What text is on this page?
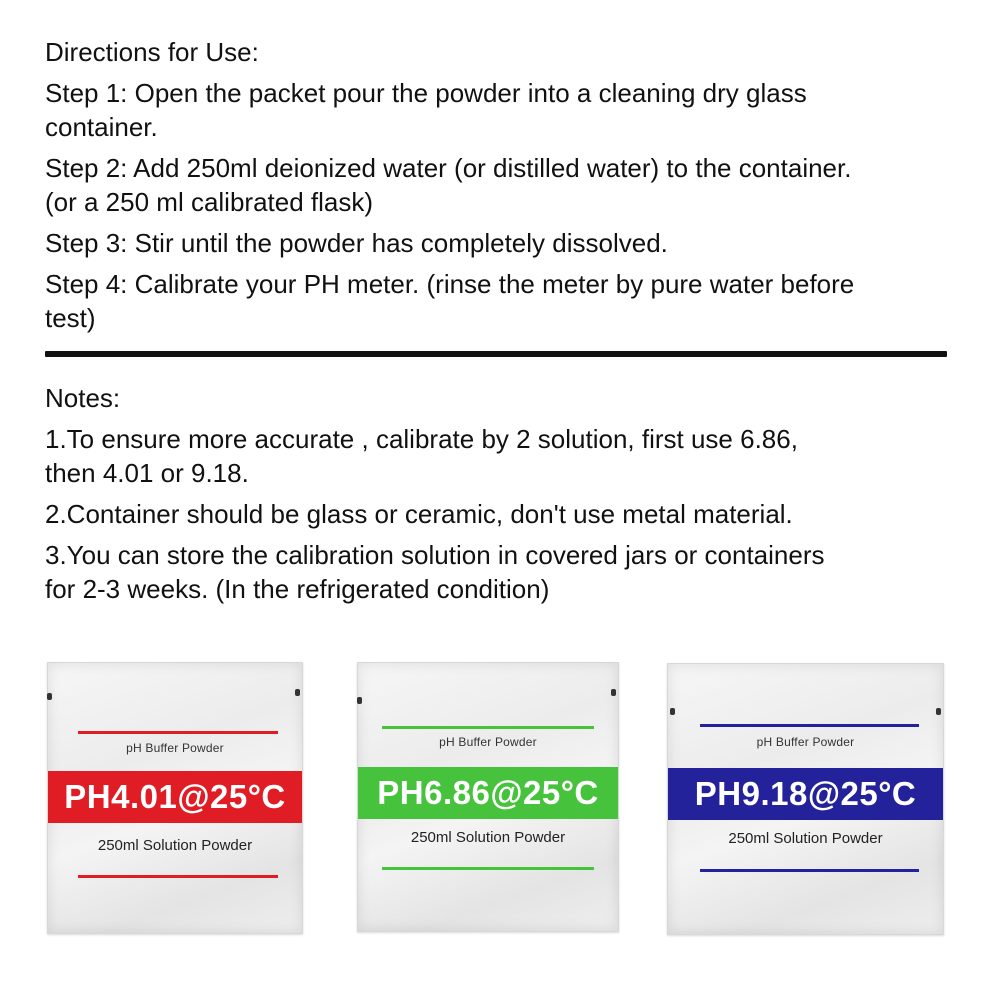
Directions for Use:
Step 1: Open the packet pour the powder into a cleaning dry glass
container.
Step 2: Add 250ml deionized water (or distilled water) to the container.
(or a 250 ml calibrated flask)
Step 3: Stir until the powder has completely dissolved.
Step 4: Calibrate your PH meter. (rinse the meter by pure water before
test)
Notes:
1.To ensure more accurate , calibrate by 2 solution, first use 6.86,
then 4.01 or 9.18.
2.Container should be glass or ceramic, don't use metal material.
3.You can store the calibration solution in covered jars or containers
for 2-3 weeks. (In the refrigerated condition)
pH Buffer Powder
PH4.01@25°C
250ml Solution Powder
pH Buffer Powder
PH6.86@25°C
250ml Solution Powder
pH Buffer Powder
PH9.18@25°C
250ml Solution Powder
